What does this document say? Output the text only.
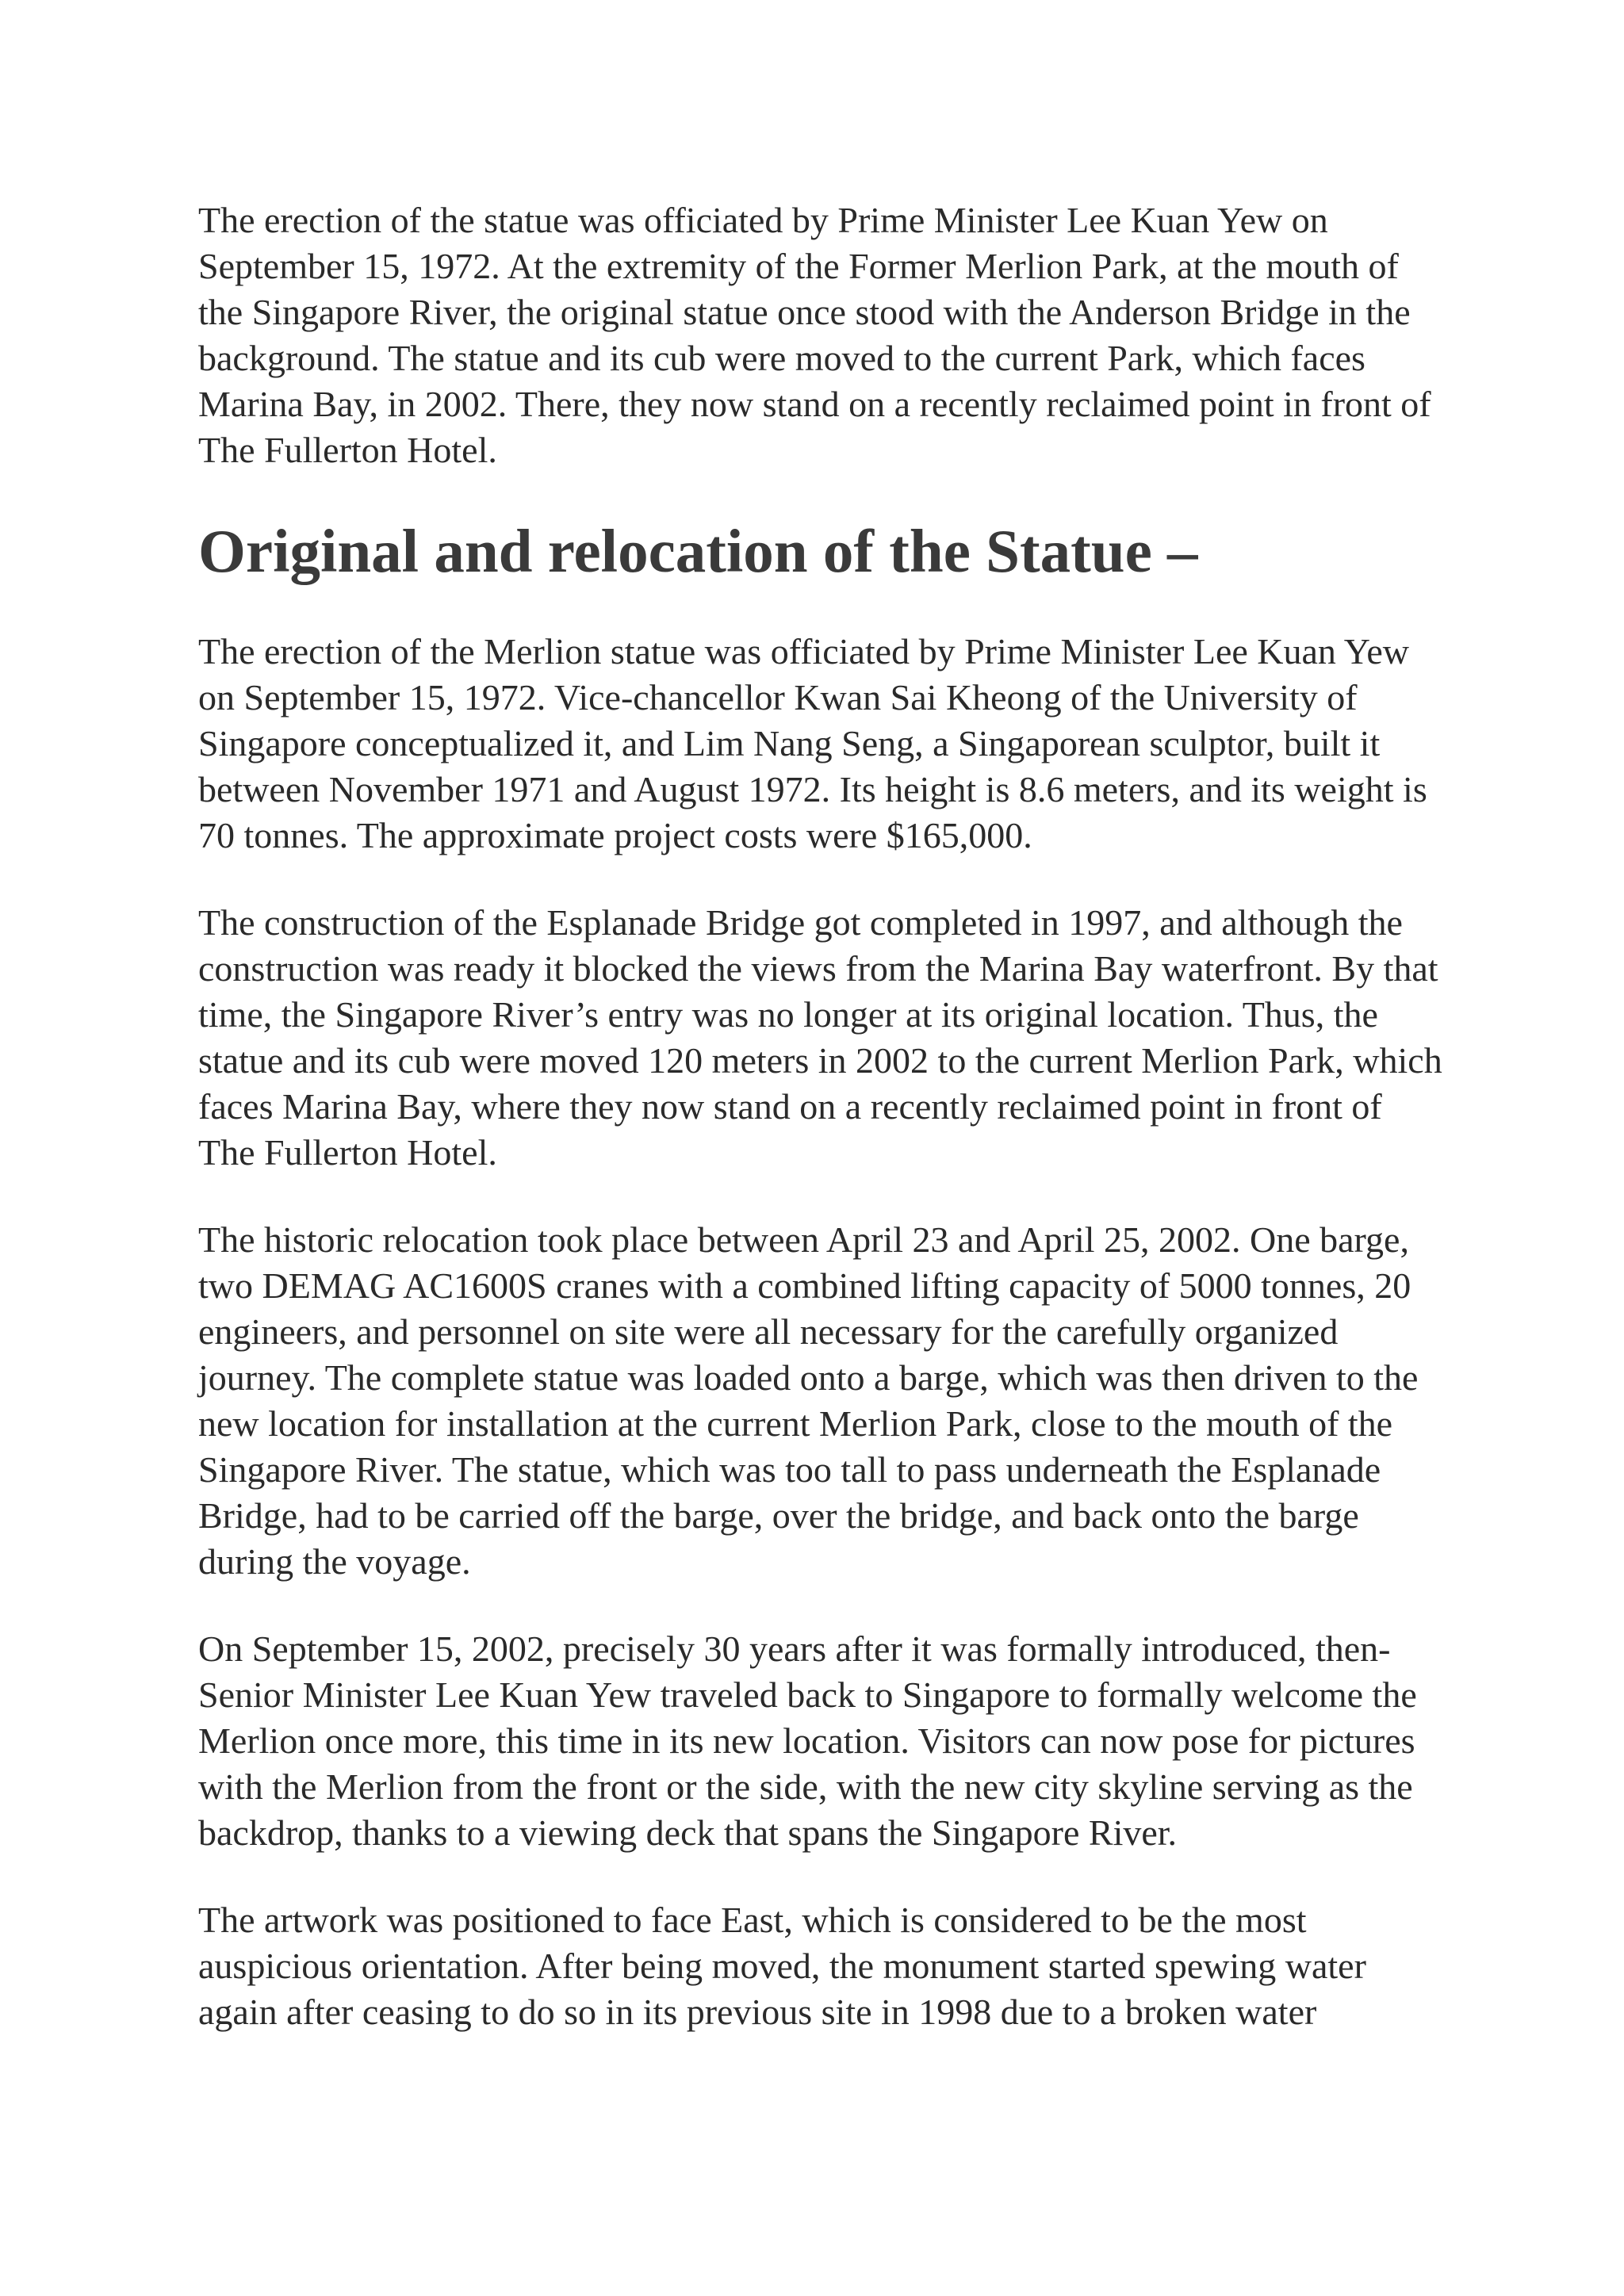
The erection of the statue was officiated by Prime Minister Lee Kuan Yew on September 15, 1972. At the extremity of the Former Merlion Park, at the mouth of the Singapore River, the original statue once stood with the Anderson Bridge in the background. The statue and its cub were moved to the current Park, which faces Marina Bay, in 2002. There, they now stand on a recently reclaimed point in front of The Fullerton Hotel.

Original and relocation of the Statue –

The erection of the Merlion statue was officiated by Prime Minister Lee Kuan Yew on September 15, 1972. Vice-chancellor Kwan Sai Kheong of the University of Singapore conceptualized it, and Lim Nang Seng, a Singaporean sculptor, built it between November 1971 and August 1972. Its height is 8.6 meters, and its weight is 70 tonnes. The approximate project costs were $165,000.

The construction of the Esplanade Bridge got completed in 1997, and although the construction was ready it blocked the views from the Marina Bay waterfront. By that time, the Singapore River’s entry was no longer at its original location. Thus, the statue and its cub were moved 120 meters in 2002 to the current Merlion Park, which faces Marina Bay, where they now stand on a recently reclaimed point in front of The Fullerton Hotel.

The historic relocation took place between April 23 and April 25, 2002. One barge, two DEMAG AC1600S cranes with a combined lifting capacity of 5000 tonnes, 20 engineers, and personnel on site were all necessary for the carefully organized journey. The complete statue was loaded onto a barge, which was then driven to the new location for installation at the current Merlion Park, close to the mouth of the Singapore River. The statue, which was too tall to pass underneath the Esplanade Bridge, had to be carried off the barge, over the bridge, and back onto the barge during the voyage.

On September 15, 2002, precisely 30 years after it was formally introduced, then-Senior Minister Lee Kuan Yew traveled back to Singapore to formally welcome the Merlion once more, this time in its new location. Visitors can now pose for pictures with the Merlion from the front or the side, with the new city skyline serving as the backdrop, thanks to a viewing deck that spans the Singapore River.

The artwork was positioned to face East, which is considered to be the most auspicious orientation. After being moved, the monument started spewing water again after ceasing to do so in its previous site in 1998 due to a broken water
